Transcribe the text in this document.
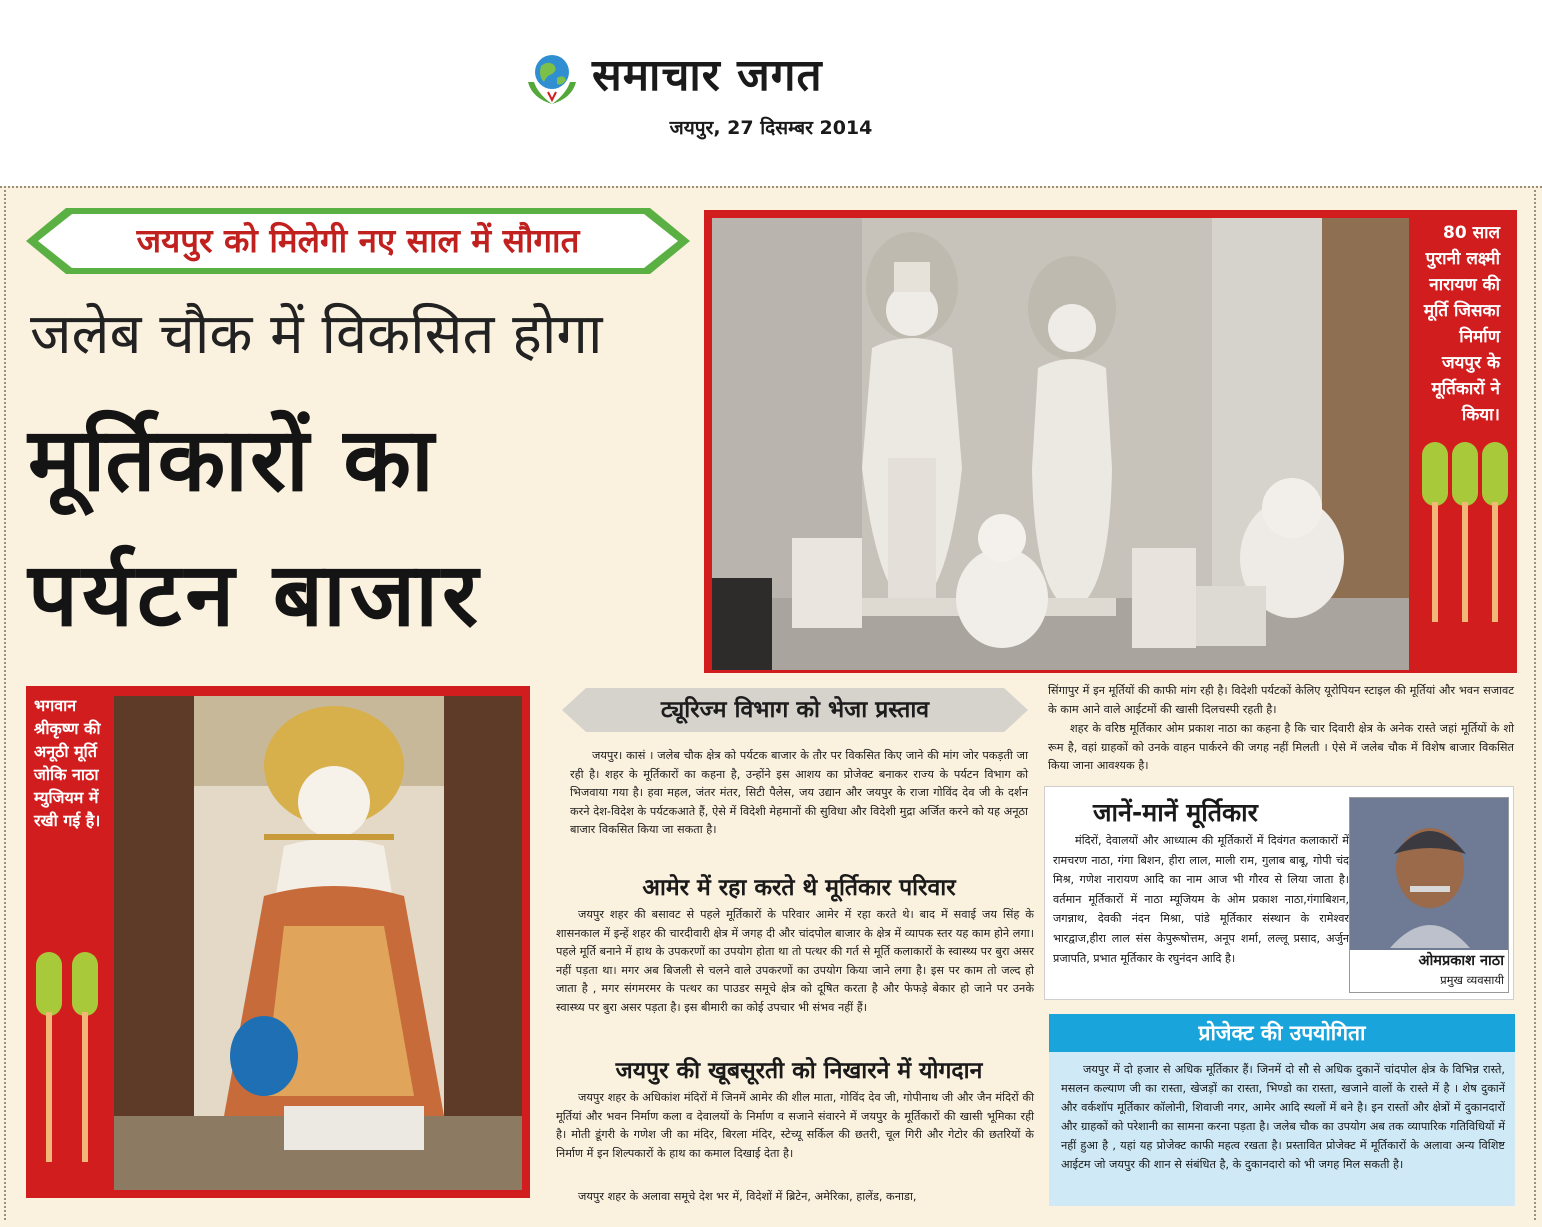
समाचार जगत
जयपुर, 27 दिसम्बर 2014
जयपुर को मिलेगी नए साल में सौगात
जलेब चौक में विकसित होगा
मूर्तिकारों का
पर्यटन बाजार
80 साल पुरानी लक्ष्मी नारायण की मूर्ति जिसका निर्माण जयपुर के मूर्तिकारों ने किया।
भगवान श्रीकृष्ण की अनूठी मूर्ति जोकि नाठा म्युजियम में रखी गई है।
ट्यूरिज्म विभाग को भेजा प्रस्ताव
जयपुर। कासं । जलेब चौक क्षेत्र को पर्यटक बाजार के तौर पर विकसित किए जाने की मांग जोर पकड़ती जा रही है। शहर के मूर्तिकारों का कहना है, उन्होंने इस आशय का प्रोजेक्ट बनाकर राज्य के पर्यटन विभाग को भिजवाया गया है। हवा महल, जंतर मंतर, सिटी पैलेस, जय उद्यान और जयपुर के राजा गोविंद देव जी के दर्शन करने देश-विदेश के पर्यटकआते हैं, ऐसे में विदेशी मेहमानों की सुविधा और विदेशी मुद्रा अर्जित करने को यह अनूठा बाजार विकसित किया जा सकता है।
आमेर में रहा करते थे मूर्तिकार परिवार
जयपुर शहर की बसावट से पहले मूर्तिकारों के परिवार आमेर में रहा करते थे। बाद में सवाई जय सिंह के शासनकाल में इन्हें शहर की चारदीवारी क्षेत्र में जगह दी और चांदपोल बाजार के क्षेत्र में व्यापक स्तर यह काम होने लगा। पहले मूर्ति बनाने में हाथ के उपकरणों का उपयोग होता था तो पत्थर की गर्त से मूर्ति कलाकारों के स्वास्थ्य पर बुरा असर नहीं पड़ता था। मगर अब बिजली से चलने वाले उपकरणों का उपयोग किया जाने लगा है। इस पर काम तो जल्द हो जाता है , मगर संगमरमर के पत्थर का पाउडर समूचे क्षेत्र को दूषित करता है और फेफड़े बेकार हो जाने पर उनके स्वास्थ्य पर बुरा असर पड़ता है। इस बीमारी का कोई उपचार भी संभव नहीं हैं।
जयपुर की खूबसूरती को निखारने में योगदान
जयपुर शहर के अधिकांश मंदिरों में जिनमें आमेर की शील माता, गोविंद देव जी, गोपीनाथ जी और जैन मंदिरों की मूर्तियां और भवन निर्माण कला व देवालयों के निर्माण व सजाने संवारने में जयपुर के मूर्तिकारों की खासी भूमिका रही है। मोती डूंगरी के गणेश जी का मंदिर, बिरला मंदिर, स्टेच्यू सर्किल की छतरी, चूल गिरी और गेटोर की छतरियों के निर्माण में इन शिल्पकारों के हाथ का कमाल दिखाई देता है।
जयपुर शहर के अलावा समूचे देश भर में, विदेशों में ब्रिटेन, अमेरिका, हालेंड, कनाडा,
सिंगापुर में इन मूर्तियों की काफी मांग रही है। विदेशी पर्यटकों केलिए यूरोपियन स्टाइल की मूर्तियां और भवन सजावट के काम आने वाले आईटमों की खासी दिलचस्पी रहती है।
शहर के वरिष्ठ मूर्तिकार ओम प्रकाश नाठा का कहना है कि चार दिवारी क्षेत्र के अनेक रास्ते जहां मूर्तियों के शो रूम है, वहां ग्राहकों को उनके वाहन पार्करने की जगह नहीं मिलती । ऐसे में जलेब चौक में विशेष बाजार विकसित किया जाना आवश्यक है।
जानें-मानें मूर्तिकार
मंदिरों, देवालयों और आध्यात्म की मूर्तिकारों में दिवंगत कलाकारों में रामचरण नाठा, गंगा बिशन, हीरा लाल, माली राम, गुलाब बाबू, गोपी चंद मिश्र, गणेश नारायण आदि का नाम आज भी गौरव से लिया जाता है।वर्तमान मूर्तिकारों में नाठा म्यूजियम के ओम प्रकाश नाठा,गंगाबिशन, जगन्नाथ, देवकी नंदन मिश्रा, पांडे मूर्तिकार संस्थान के रामेश्वर भारद्वाज,हीरा लाल संस केपुरूषोत्तम, अनूप शर्मा, लल्लू प्रसाद, अर्जुन प्रजापति, प्रभात मूर्तिकार के रघुनंदन आदि है।	ओमप्रकाश नाठा
प्रमुख व्यवसायी
प्रोजेक्ट की उपयोगिता
जयपुर में दो हजार से अधिक मूर्तिकार हैं। जिनमें दो सौ से अधिक दुकानें चांदपोल क्षेत्र के विभिन्न रास्ते, मसलन कल्याण जी का रास्ता, खेजड़ों का रास्ता, भिण्डो का रास्ता, खजाने वालों के रास्ते में है । शेष दुकानें और वर्कशॉप मूर्तिकार कॉलोनी, शिवाजी नगर, आमेर आदि स्थलों में बने है। इन रास्तों और क्षेत्रों में दुकानदारों और ग्राहकों को परेशानी का सामना करना पड़ता है। जलेब चौक का उपयोग अब तक व्यापारिक गतिविधियों में नहीं हुआ है , यहां यह प्रोजेक्ट काफी महत्व रखता है। प्रस्तावित प्रोजेक्ट में मूर्तिकारों के अलावा अन्य विशिष्ट आईटम जो जयपुर की शान से संबंधित है, के दुकानदारो को भी जगह मिल सकती है।
